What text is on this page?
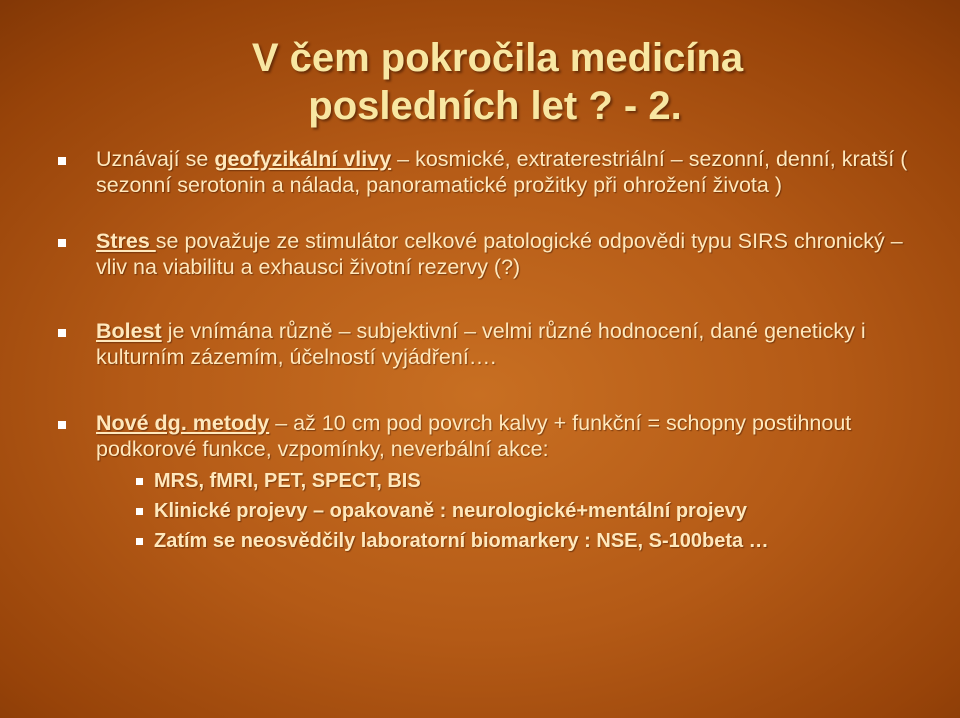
V čem pokročila medicína
posledních let ? - 2.
Uznávají se geofyzikální vlivy – kosmické, extraterestriální – sezonní, denní, kratší ( sezonní serotonin a nálada, panoramatické prožitky při ohrožení života )
Stres se považuje ze stimulátor celkové patologické odpovědi typu SIRS chronický – vliv na viabilitu a exhausci životní rezervy (?)
Bolest je vnímána různě – subjektivní – velmi různé hodnocení, dané geneticky i kulturním zázemím, účelností vyjádření….
Nové dg. metody – až 10 cm pod povrch kalvy + funkční = schopny postihnout podkorové funkce, vzpomínky, neverbální akce:
MRS, fMRI, PET, SPECT, BIS
Klinické projevy – opakovaně : neurologické+mentální projevy
Zatím se neosvědčily laboratorní biomarkery : NSE, S-100beta …
